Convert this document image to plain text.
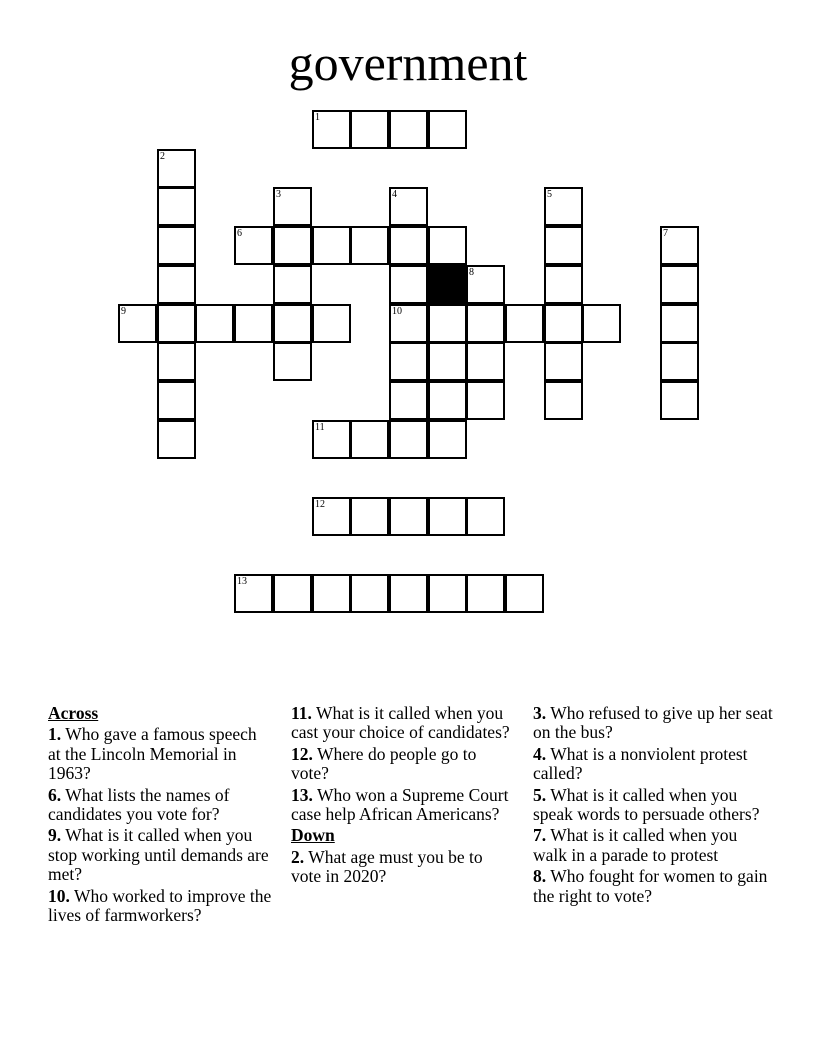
government
1
2
3	4	5
6	7
8
9	10
11
12
13

Across

1. Who gave a famous speech at the Lincoln Memorial in 1963?

6. What lists the names of candidates you vote for?

9. What is it called when you stop working until demands are met?

10. Who worked to improve the lives of farmworkers?

11. What is it called when you cast your choice of candidates?

12. Where do people go to vote?

13. Who won a Supreme Court case help African Americans?

Down

2. What age must you be to vote in 2020?

3. Who refused to give up her seat on the bus?

4. What is a nonviolent protest called?

5. What is it called when you speak words to persuade others?

7. What is it called when you walk in a parade to protest

8. Who fought for women to gain the right to vote?
